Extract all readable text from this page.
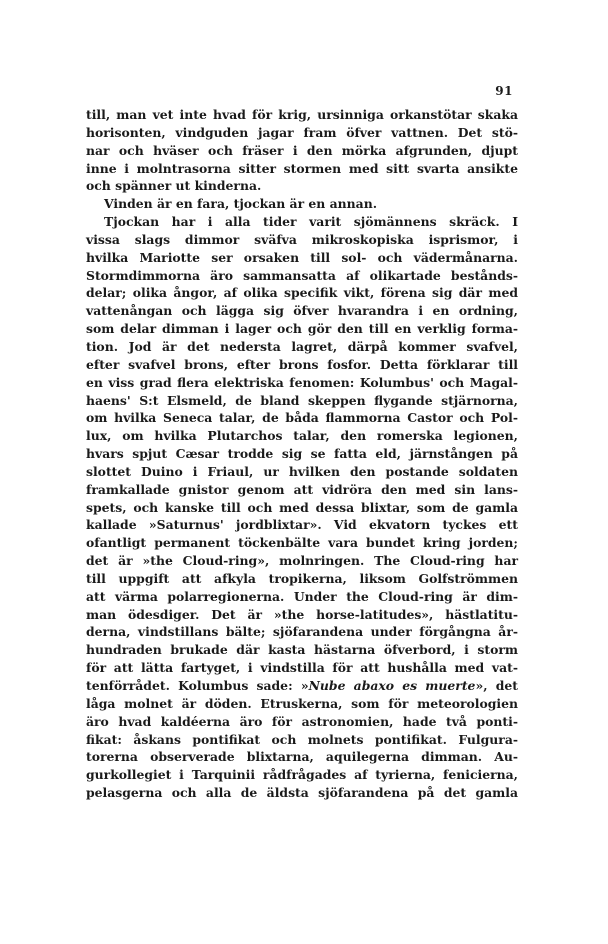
91
till, man vet inte hvad för krig, ursinniga orkanstötar skaka
horisonten, vindguden jagar fram öfver vattnen. Det stö-
nar och hväser och fräser i den mörka afgrunden, djupt
inne i molntrasorna sitter stormen med sitt svarta ansikte
och spänner ut kinderna.
Vinden är en fara, tjockan är en annan.
Tjockan har i alla tider varit sjömännens skräck. I
vissa slags dimmor sväfva mikroskopiska isprismor, i
hvilka Mariotte ser orsaken till sol- och vädermånarna.
Stormdimmorna äro sammansatta af olikartade bestånds-
delar; olika ångor, af olika specifik vikt, förena sig där med
vattenångan och lägga sig öfver hvarandra i en ordning,
som delar dimman i lager och gör den till en verklig forma-
tion. Jod är det nedersta lagret, därpå kommer svafvel,
efter svafvel brons, efter brons fosfor. Detta förklarar till
en viss grad flera elektriska fenomen: Kolumbus' och Magal-
haens' S:t Elsmeld, de bland skeppen flygande stjärnorna,
om hvilka Seneca talar, de båda flammorna Castor och Pol-
lux, om hvilka Plutarchos talar, den romerska legionen,
hvars spjut Cæsar trodde sig se fatta eld, järnstången på
slottet Duino i Friaul, ur hvilken den postande soldaten
framkallade gnistor genom att vidröra den med sin lans-
spets, och kanske till och med dessa blixtar, som de gamla
kallade »Saturnus' jordblixtar». Vid ekvatorn tyckes ett
ofantligt permanent töckenbälte vara bundet kring jorden;
det är »the Cloud-ring», molnringen. The Cloud-ring har
till uppgift att afkyla tropikerna, liksom Golfströmmen
att värma polarregionerna. Under the Cloud-ring är dim-
man ödesdiger. Det är »the horse-latitudes», hästlatitu-
derna, vindstillans bälte; sjöfarandena under förgångna år-
hundraden brukade där kasta hästarna öfverbord, i storm
för att lätta fartyget, i vindstilla för att hushålla med vat-
tenförrådet. Kolumbus sade: »Nube abaxo es muerte», det
låga molnet är döden. Etruskerna, som för meteorologien
äro hvad kaldéerna äro för astronomien, hade två ponti-
fikat: åskans pontifikat och molnets pontifikat. Fulgura-
torerna observerade blixtarna, aquilegerna dimman. Au-
gurkollegiet i Tarquinii rådfrågades af tyrierna, fenicierna,
pelasgerna och alla de äldsta sjöfarandena på det gamla
